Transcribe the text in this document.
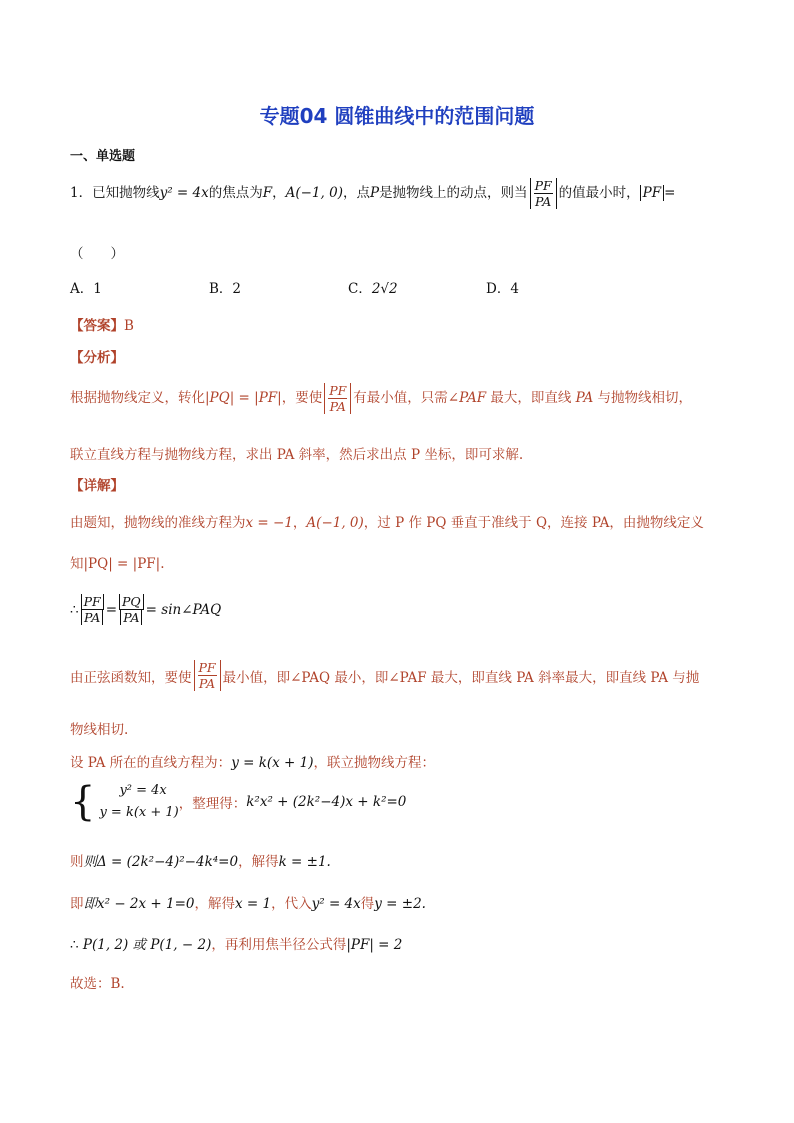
专题04 圆锥曲线中的范围问题
一、单选题
1．已知抛物线y² = 4x的焦点为F，A(−1, 0)，点P是抛物线上的动点，则当 $\frac{PF}{PA}$ 的值最小时， PF =
（　　）
A．1	B．2	C．2√2	D．4
【答案】B
【分析】
根据抛物线定义，转化|PQ| = |PF|，要使 $\frac{PF}{PA}$ 有最小值，只需∠PAF 最大，即直线 PA 与抛物线相切，
联立直线方程与抛物线方程，求出 PA 斜率，然后求出点 P 坐标，即可求解.
【详解】
由题知，抛物线的准线方程为x = −1，A(−1, 0)，过 P 作 PQ 垂直于准线于 Q，连接 PA，由抛物线定义
知|PQ| = |PF|.
∴ $\frac{PF}{PA} = \frac{PQ}{PA}$ = sin∠PAQ
由正弦函数知，要使 $\frac{PF}{PA}$ 最小值，即∠PAQ 最小，即∠PAF 最大，即直线 PA 斜率最大，即直线 PA 与抛
物线相切.
设 PA 所在的直线方程为：y = k(x + 1)，联立抛物线方程：
{	y² = 4x
y = k(x + 1)
，整理得： k²x² + (2k²−4)x + k²=0
则则Δ = (2k²−4)²−4k⁴=0，解得k = ±1.
即即x² − 2x + 1=0，解得x = 1，代入y² = 4x得y = ±2.
∴ P(1, 2) 或 P(1, − 2)，再利用焦半径公式得|PF| = 2
故选：B.
